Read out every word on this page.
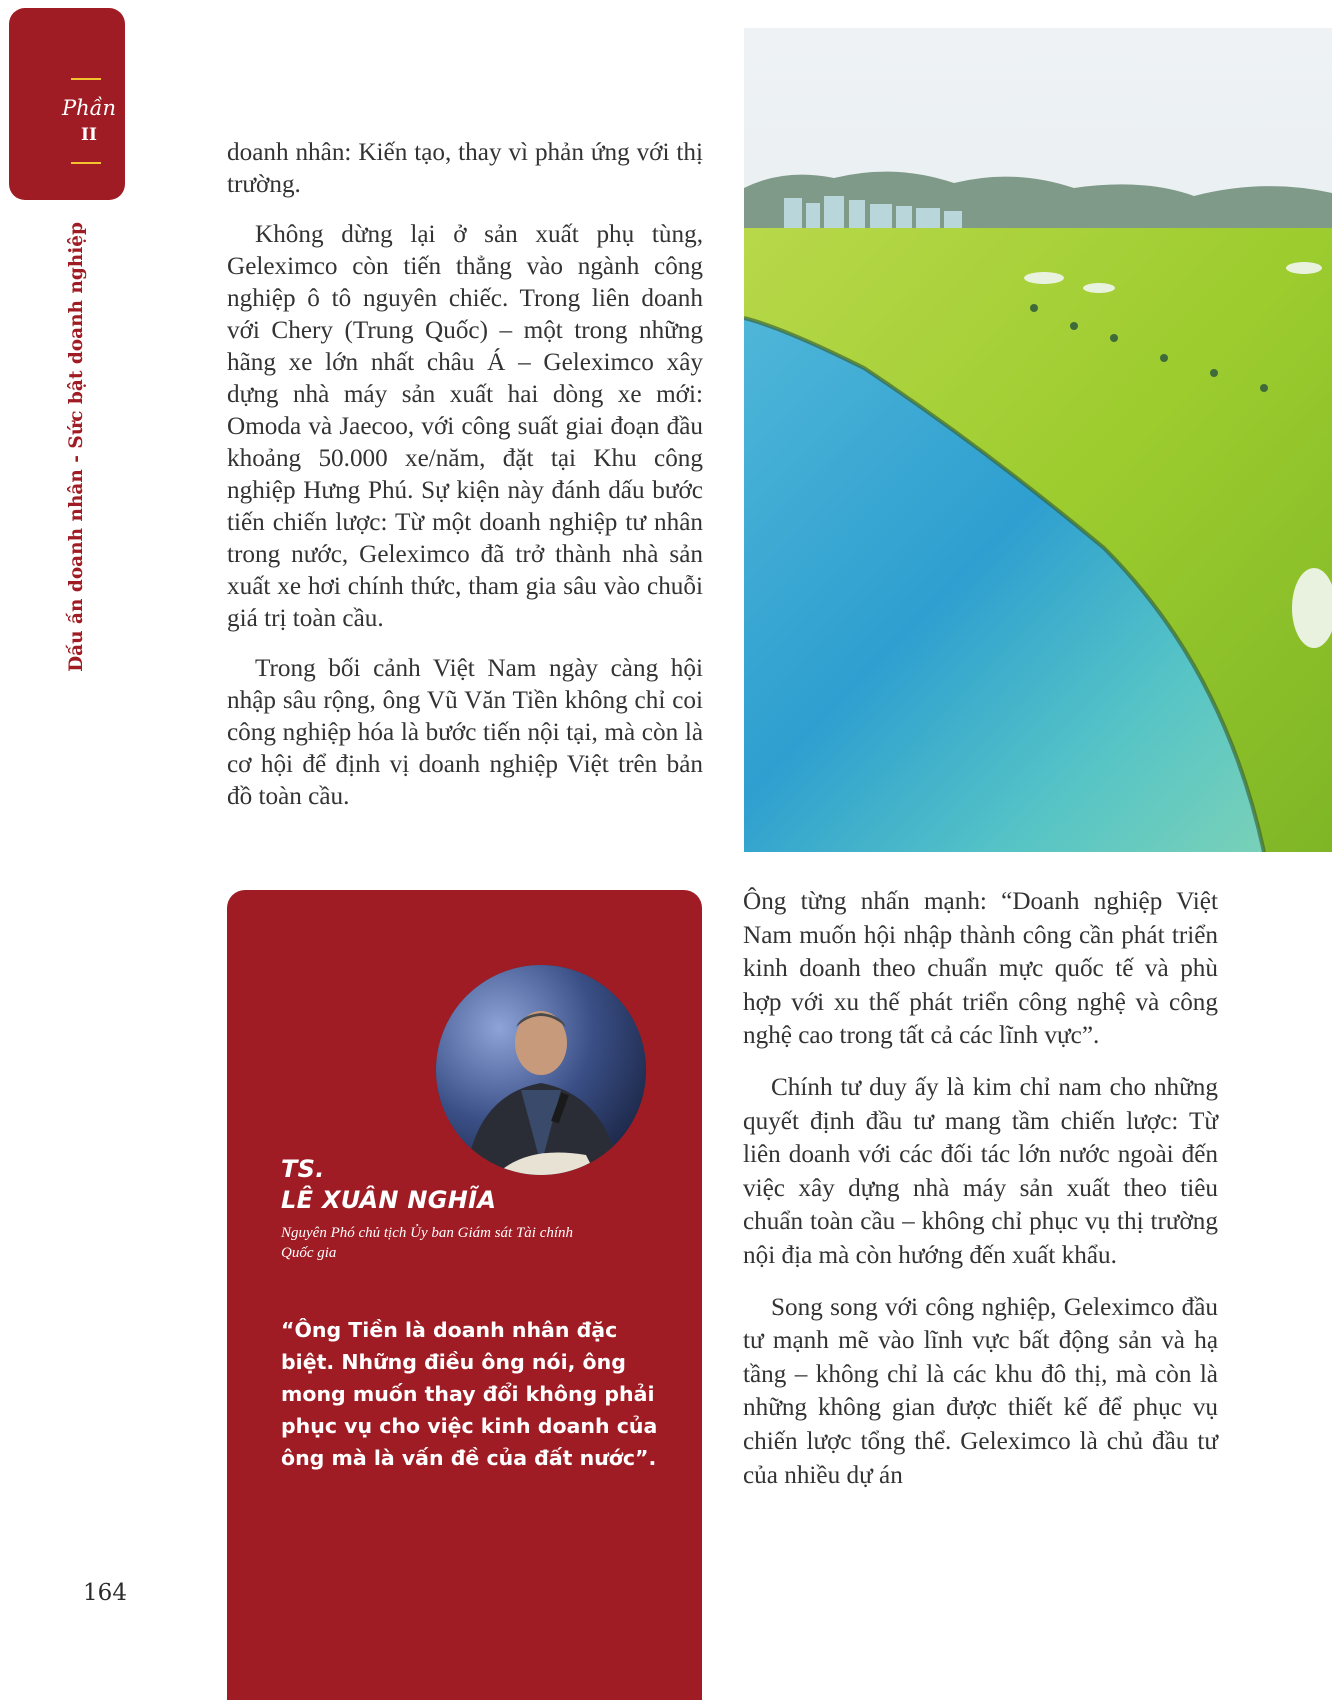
Phần
II
Dấu ấn doanh nhân - Sức bật doanh nghiệp

doanh nhân: Kiến tạo, thay vì phản ứng với thị trường.

Không dừng lại ở sản xuất phụ tùng, Geleximco còn tiến thẳng vào ngành công nghiệp ô tô nguyên chiếc. Trong liên doanh với Chery (Trung Quốc) – một trong những hãng xe lớn nhất châu Á – Geleximco xây dựng nhà máy sản xuất hai dòng xe mới: Omoda và Jaecoo, với công suất giai đoạn đầu khoảng 50.000 xe/năm, đặt tại Khu công nghiệp Hưng Phú. Sự kiện này đánh dấu bước tiến chiến lược: Từ một doanh nghiệp tư nhân trong nước, Geleximco đã trở thành nhà sản xuất xe hơi chính thức, tham gia sâu vào chuỗi giá trị toàn cầu.

Trong bối cảnh Việt Nam ngày càng hội nhập sâu rộng, ông Vũ Văn Tiền không chỉ coi công nghiệp hóa là bước tiến nội tại, mà còn là cơ hội để định vị doanh nghiệp Việt trên bản đồ toàn cầu.

Ông từng nhấn mạnh: “Doanh nghiệp Việt Nam muốn hội nhập thành công cần phát triển kinh doanh theo chuẩn mực quốc tế và phù hợp với xu thế phát triển công nghệ và công nghệ cao trong tất cả các lĩnh vực”.

Chính tư duy ấy là kim chỉ nam cho những quyết định đầu tư mang tầm chiến lược: Từ liên doanh với các đối tác lớn nước ngoài đến việc xây dựng nhà máy sản xuất theo tiêu chuẩn toàn cầu – không chỉ phục vụ thị trường nội địa mà còn hướng đến xuất khẩu.

Song song với công nghiệp, Geleximco đầu tư mạnh mẽ vào lĩnh vực bất động sản và hạ tầng – không chỉ là các khu đô thị, mà còn là những không gian được thiết kế để phục vụ chiến lược tổng thể. Geleximco là chủ đầu tư của nhiều dự án

TS.
LÊ XUÂN NGHĨA
Nguyên Phó chủ tịch Ủy ban Giám sát Tài chính Quốc gia
“Ông Tiền là doanh nhân đặc biệt. Những điều ông nói, ông mong muốn thay đổi không phải phục vụ cho việc kinh doanh của ông mà là vấn đề của đất nước”.
164
